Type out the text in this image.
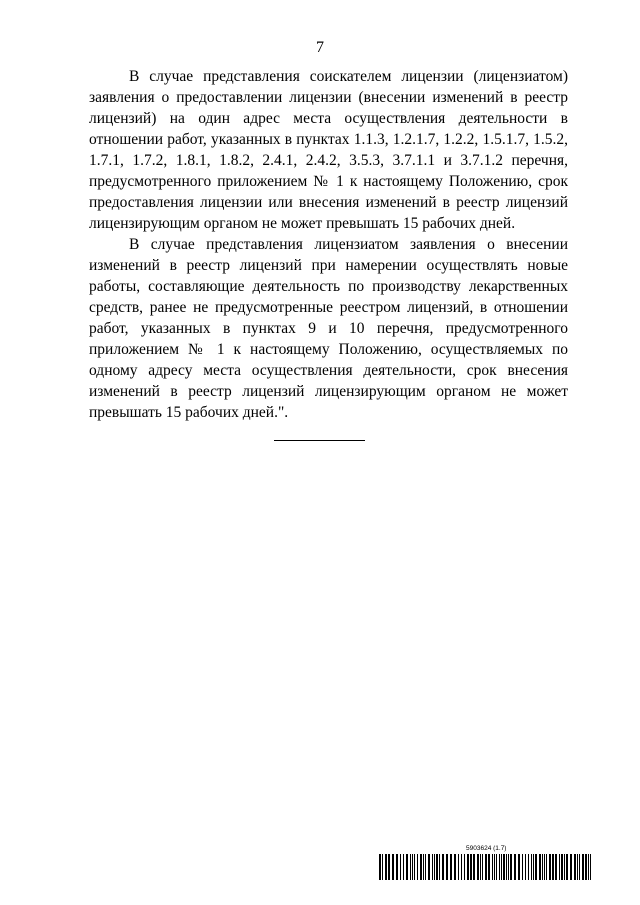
7

В случае представления соискателем лицензии (лицензиатом) заявления о предоставлении лицензии (внесении изменений в реестр лицензий) на один адрес места осуществления деятельности в отношении работ, указанных в пунктах 1.1.3, 1.2.1.7, 1.2.2, 1.5.1.7, 1.5.2, 1.7.1, 1.7.2, 1.8.1, 1.8.2, 2.4.1, 2.4.2, 3.5.3, 3.7.1.1 и 3.7.1.2 перечня, предусмотренного приложением № 1 к настоящему Положению, срок предоставления лицензии или внесения изменений в реестр лицензий лицензирующим органом не может превышать 15 рабочих дней.

В случае представления лицензиатом заявления о внесении изменений в реестр лицензий при намерении осуществлять новые работы, составляющие деятельность по производству лекарственных средств, ранее не предусмотренные реестром лицензий, в отношении работ, указанных в пунктах 9 и 10 перечня, предусмотренного приложением № 1 к настоящему Положению, осуществляемых по одному адресу места осуществления деятельности, срок внесения изменений в реестр лицензий лицензирующим органом не может превышать 15 рабочих дней.".

5903624 (1.7)
